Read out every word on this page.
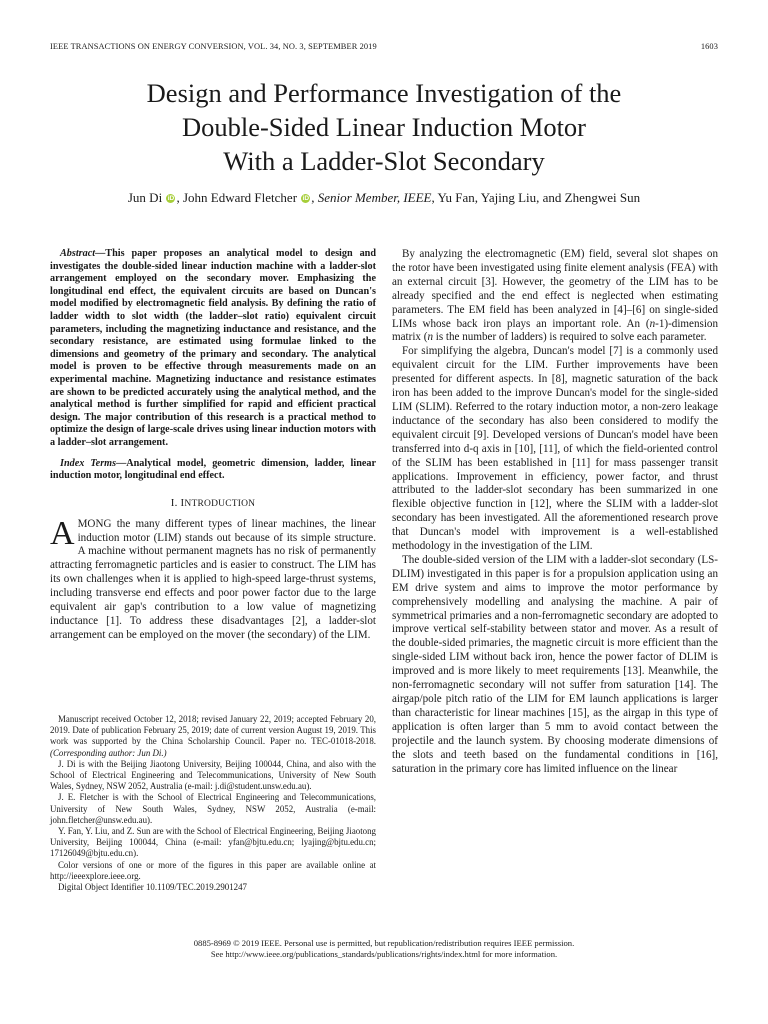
IEEE TRANSACTIONS ON ENERGY CONVERSION, VOL. 34, NO. 3, SEPTEMBER 2019	1603
Design and Performance Investigation of the
Double-Sided Linear Induction Motor
With a Ladder-Slot Secondary
Jun Di iD , John Edward Fletcher iD , Senior Member, IEEE, Yu Fan, Yajing Liu, and Zhengwei Sun

Abstract—This paper proposes an analytical model to design and investigates the double-sided linear induction machine with a ladder-slot arrangement employed on the secondary mover. Emphasizing the longitudinal end effect, the equivalent circuits are based on Duncan's model modified by electromagnetic field analysis. By defining the ratio of ladder width to slot width (the ladder–slot ratio) equivalent circuit parameters, including the magnetizing inductance and resistance, and the secondary resistance, are estimated using formulae linked to the dimensions and geometry of the primary and secondary. The analytical model is proven to be effective through measurements made on an experimental machine. Magnetizing inductance and resistance estimates are shown to be predicted accurately using the analytical method, and the analytical method is further simplified for rapid and efficient practical design. The major contribution of this research is a practical method to optimize the design of large-scale drives using linear induction motors with a ladder–slot arrangement.

Index Terms—Analytical model, geometric dimension, ladder, linear induction motor, longitudinal end effect.

I. INTRODUCTION

AMONG the many different types of linear machines, the linear induction motor (LIM) stands out because of its simple structure. A machine without permanent magnets has no risk of permanently attracting ferromagnetic particles and is easier to construct. The LIM has its own challenges when it is applied to high-speed large-thrust systems, including transverse end effects and poor power factor due to the large equivalent air gap's contribution to a low value of magnetizing inductance [1]. To address these disadvantages [2], a ladder-slot arrangement can be employed on the mover (the secondary) of the LIM.

Manuscript received October 12, 2018; revised January 22, 2019; accepted February 20, 2019. Date of publication February 25, 2019; date of current version August 19, 2019. This work was supported by the China Scholarship Council. Paper no. TEC-01018-2018. (Corresponding author: Jun Di.)

J. Di is with the Beijing Jiaotong University, Beijing 100044, China, and also with the School of Electrical Engineering and Telecommunications, University of New South Wales, Sydney, NSW 2052, Australia (e-mail: j.di@student.unsw.edu.au).

J. E. Fletcher is with the School of Electrical Engineering and Telecommunications, University of New South Wales, Sydney, NSW 2052, Australia (e-mail: john.fletcher@unsw.edu.au).

Y. Fan, Y. Liu, and Z. Sun are with the School of Electrical Engineering, Beijing Jiaotong University, Beijing 100044, China (e-mail: yfan@bjtu.edu.cn; lyajing@bjtu.edu.cn; 17126049@bjtu.edu.cn).

Color versions of one or more of the figures in this paper are available online at http://ieeexplore.ieee.org.

Digital Object Identifier 10.1109/TEC.2019.2901247

By analyzing the electromagnetic (EM) field, several slot shapes on the rotor have been investigated using finite element analysis (FEA) with an external circuit [3]. However, the geometry of the LIM has to be already specified and the end effect is neglected when estimating parameters. The EM field has been analyzed in [4]–[6] on single-sided LIMs whose back iron plays an important role. An (n-1)-dimension matrix (n is the number of ladders) is required to solve each parameter.

For simplifying the algebra, Duncan's model [7] is a commonly used equivalent circuit for the LIM. Further improvements have been presented for different aspects. In [8], magnetic saturation of the back iron has been added to the improve Duncan's model for the single-sided LIM (SLIM). Referred to the rotary induction motor, a non-zero leakage inductance of the secondary has also been considered to modify the equivalent circuit [9]. Developed versions of Duncan's model have been transferred into d-q axis in [10], [11], of which the field-oriented control of the SLIM has been established in [11] for mass passenger transit applications. Improvement in efficiency, power factor, and thrust attributed to the ladder-slot secondary has been summarized in one flexible objective function in [12], where the SLIM with a ladder-slot secondary has been investigated. All the aforementioned research prove that Duncan's model with improvement is a well-established methodology in the investigation of the LIM.

The double-sided version of the LIM with a ladder-slot secondary (LS-DLIM) investigated in this paper is for a propulsion application using an EM drive system and aims to improve the motor performance by comprehensively modelling and analysing the machine. A pair of symmetrical primaries and a non-ferromagnetic secondary are adopted to improve vertical self-stability between stator and mover. As a result of the double-sided primaries, the magnetic circuit is more efficient than the single-sided LIM without back iron, hence the power factor of DLIM is improved and is more likely to meet requirements [13]. Meanwhile, the non-ferromagnetic secondary will not suffer from saturation [14]. The airgap/pole pitch ratio of the LIM for EM launch applications is larger than characteristic for linear machines [15], as the airgap in this type of application is often larger than 5 mm to avoid contact between the projectile and the launch system. By choosing moderate dimensions of the slots and teeth based on the fundamental conditions in [16], saturation in the primary core has limited influence on the linear

0885-8969 © 2019 IEEE. Personal use is permitted, but republication/redistribution requires IEEE permission.
See http://www.ieee.org/publications_standards/publications/rights/index.html for more information.
